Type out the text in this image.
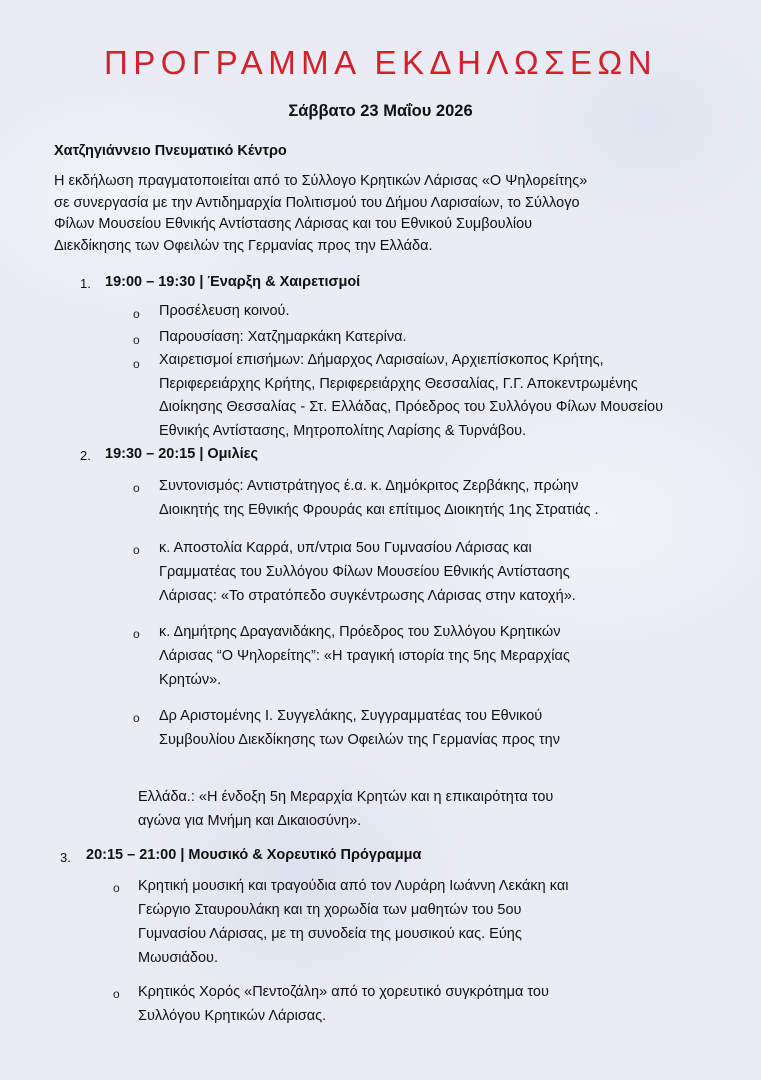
ΠΡΟΓΡΑΜΜΑ ΕΚΔΗΛΩΣΕΩΝ
Σάββατο 23 Μαΐου 2026
Χατζηγιάννειο Πνευματικό Κέντρο
Η εκδήλωση πραγματοποιείται από το Σύλλογο Κρητικών Λάρισας «Ο Ψηλορείτης»
σε συνεργασία με την Αντιδημαρχία Πολιτισμού του Δήμου Λαρισαίων, το Σύλλογο
Φίλων Μουσείου Εθνικής Αντίστασης Λάρισας και του Εθνικού Συμβουλίου
Διεκδίκησης των Οφειλών της Γερμανίας προς την Ελλάδα.
1. 19:00 – 19:30 | Έναρξη & Χαιρετισμοί
o Προσέλευση κοινού.
o Παρουσίαση: Χατζημαρκάκη Κατερίνα.
o Χαιρετισμοί επισήμων: Δήμαρχος Λαρισαίων, Αρχιεπίσκοπος Κρήτης,
Περιφερειάρχης Κρήτης, Περιφερειάρχης Θεσσαλίας, Γ.Γ. Αποκεντρωμένης
Διοίκησης Θεσσαλίας - Στ. Ελλάδας, Πρόεδρος του Συλλόγου Φίλων Μουσείου
Εθνικής Αντίστασης, Μητροπολίτης Λαρίσης & Τυρνάβου.
2. 19:30 – 20:15 | Ομιλίες
o Συντονισμός: Αντιστράτηγος έ.α. κ. Δημόκριτος Ζερβάκης, πρώην
Διοικητής της Εθνικής Φρουράς και επίτιμος Διοικητής 1ης Στρατιάς .
o κ. Αποστολία Καρρά, υπ/ντρια 5ου Γυμνασίου Λάρισας και
Γραμματέας του Συλλόγου Φίλων Μουσείου Εθνικής Αντίστασης
Λάρισας: «Το στρατόπεδο συγκέντρωσης Λάρισας στην κατοχή».
o κ. Δημήτρης Δραγανιδάκης, Πρόεδρος του Συλλόγου Κρητικών
Λάρισας “Ο Ψηλορείτης”: «Η τραγική ιστορία της 5ης Μεραρχίας
Κρητών».
o Δρ Αριστομένης Ι. Συγγελάκης, Συγγραμματέας του Εθνικού
Συμβουλίου Διεκδίκησης των Οφειλών της Γερμανίας προς την
Ελλάδα.: «Η ένδοξη 5η Μεραρχία Κρητών και η επικαιρότητα του
αγώνα για Μνήμη και Δικαιοσύνη».
3. 20:15 – 21:00 | Μουσικό & Χορευτικό Πρόγραμμα
o Κρητική μουσική και τραγούδια από τον Λυράρη Ιωάννη Λεκάκη και
Γεώργιο Σταυρουλάκη και τη χορωδία των μαθητών του 5ου
Γυμνασίου Λάρισας, με τη συνοδεία της μουσικού κας. Εύης
Μωυσιάδου.
o Κρητικός Χορός «Πεντοζάλη» από το χορευτικό συγκρότημα του
Συλλόγου Κρητικών Λάρισας.
